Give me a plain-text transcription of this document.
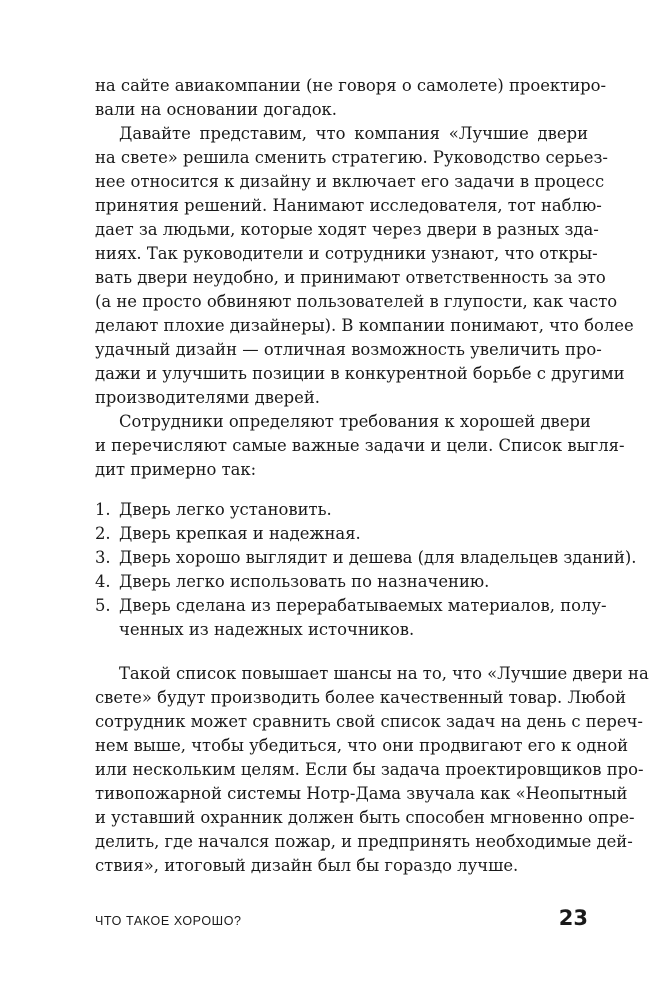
на сайте авиакомпании (не говоря о самолете) проектиро-
вали на основании догадок.
Давайте представим, что компания «Лучшие двери
на свете» решила сменить стратегию. Руководство серьез-
нее относится к дизайну и включает его задачи в процесс
принятия решений. Нанимают исследователя, тот наблю-
дает за людьми, которые ходят через двери в разных зда-
ниях. Так руководители и сотрудники узнают, что откры-
вать двери неудобно, и принимают ответственность за это
(а не просто обвиняют пользователей в глупости, как часто
делают плохие дизайнеры). В компании понимают, что более
удачный дизайн — отличная возможность увеличить про-
дажи и улучшить позиции в конкурентной борьбе с другими
производителями дверей.
Сотрудники определяют требования к хорошей двери
и перечисляют самые важные задачи и цели. Список выгля-
дит примерно так:
1. Дверь легко установить.
2. Дверь крепкая и надежная.
3. Дверь хорошо выглядит и дешева (для владельцев зданий).
4. Дверь легко использовать по назначению.
5. Дверь сделана из перерабатываемых материалов, полу-
ченных из надежных источников.
Такой список повышает шансы на то, что «Лучшие двери на
свете» будут производить более качественный товар. Любой
сотрудник может сравнить свой список задач на день с переч-
нем выше, чтобы убедиться, что они продвигают его к одной
или нескольким целям. Если бы задача проектировщиков про-
тивопожарной системы Нотр-Дама звучала как «Неопытный
и уставший охранник должен быть способен мгновенно опре-
делить, где начался пожар, и предпринять необходимые дей-
ствия», итоговый дизайн был бы гораздо лучше.
ЧТО ТАКОЕ ХОРОШО?	23
